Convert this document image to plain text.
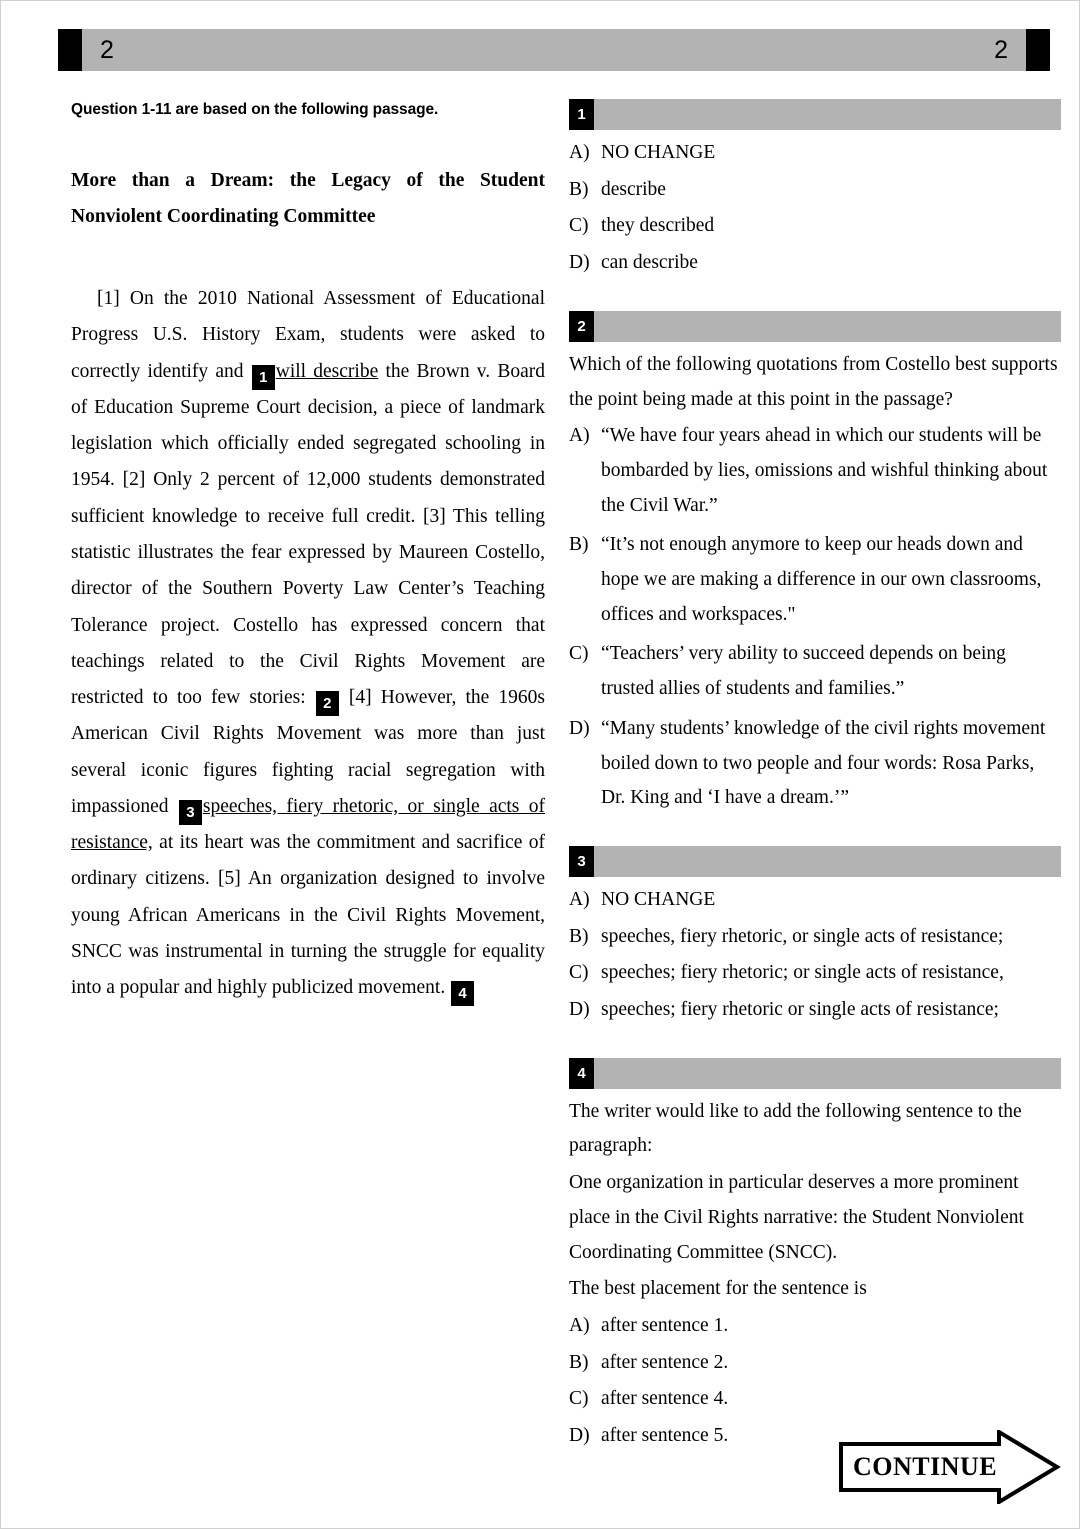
2	2

Question 1-11 are based on the following passage.

More than a Dream: the Legacy of the Student Nonviolent Coordinating Committee

[1] On the 2010 National Assessment of Educational Progress U.S. History Exam, students were asked to correctly identify and 1 will describe the Brown v. Board of Education Supreme Court decision, a piece of landmark legislation which officially ended segregated schooling in 1954. [2] Only 2 percent of 12,000 students demonstrated sufficient knowledge to receive full credit. [3] This telling statistic illustrates the fear expressed by Maureen Costello, director of the Southern Poverty Law Center’s Teaching Tolerance project. Costello has expressed concern that teachings related to the Civil Rights Movement are restricted to too few stories: 2 [4] However, the 1960s American Civil Rights Movement was more than just several iconic figures fighting racial segregation with impassioned 3 speeches, fiery rhetoric, or single acts of resistance, at its heart was the commitment and sacrifice of ordinary citizens. [5] An organization designed to involve young African Americans in the Civil Rights Movement, SNCC was instrumental in turning the struggle for equality into a popular and highly publicized movement. 4

1
A) NO CHANGE
B) describe
C) they described
D) can describe
2

Which of the following quotations from Costello best supports the point being made at this point in the passage?

A) “We have four years ahead in which our students will be bombarded by lies, omissions and wishful thinking about the Civil War.”
B) “It’s not enough anymore to keep our heads down and hope we are making a difference in our own classrooms, offices and workspaces."
C) “Teachers’ very ability to succeed depends on being trusted allies of students and families.”
D) “Many students’ knowledge of the civil rights movement boiled down to two people and four words: Rosa Parks, Dr. King and ‘I have a dream.’”
3
A) NO CHANGE
B) speeches, fiery rhetoric, or single acts of resistance;
C) speeches; fiery rhetoric; or single acts of resistance,
D) speeches; fiery rhetoric or single acts of resistance;
4

The writer would like to add the following sentence to the paragraph:

One organization in particular deserves a more prominent place in the Civil Rights narrative: the Student Nonviolent Coordinating Committee (SNCC).

The best placement for the sentence is

A) after sentence 1.
B) after sentence 2.
C) after sentence 4.
D) after sentence 5.
CONTINUE
